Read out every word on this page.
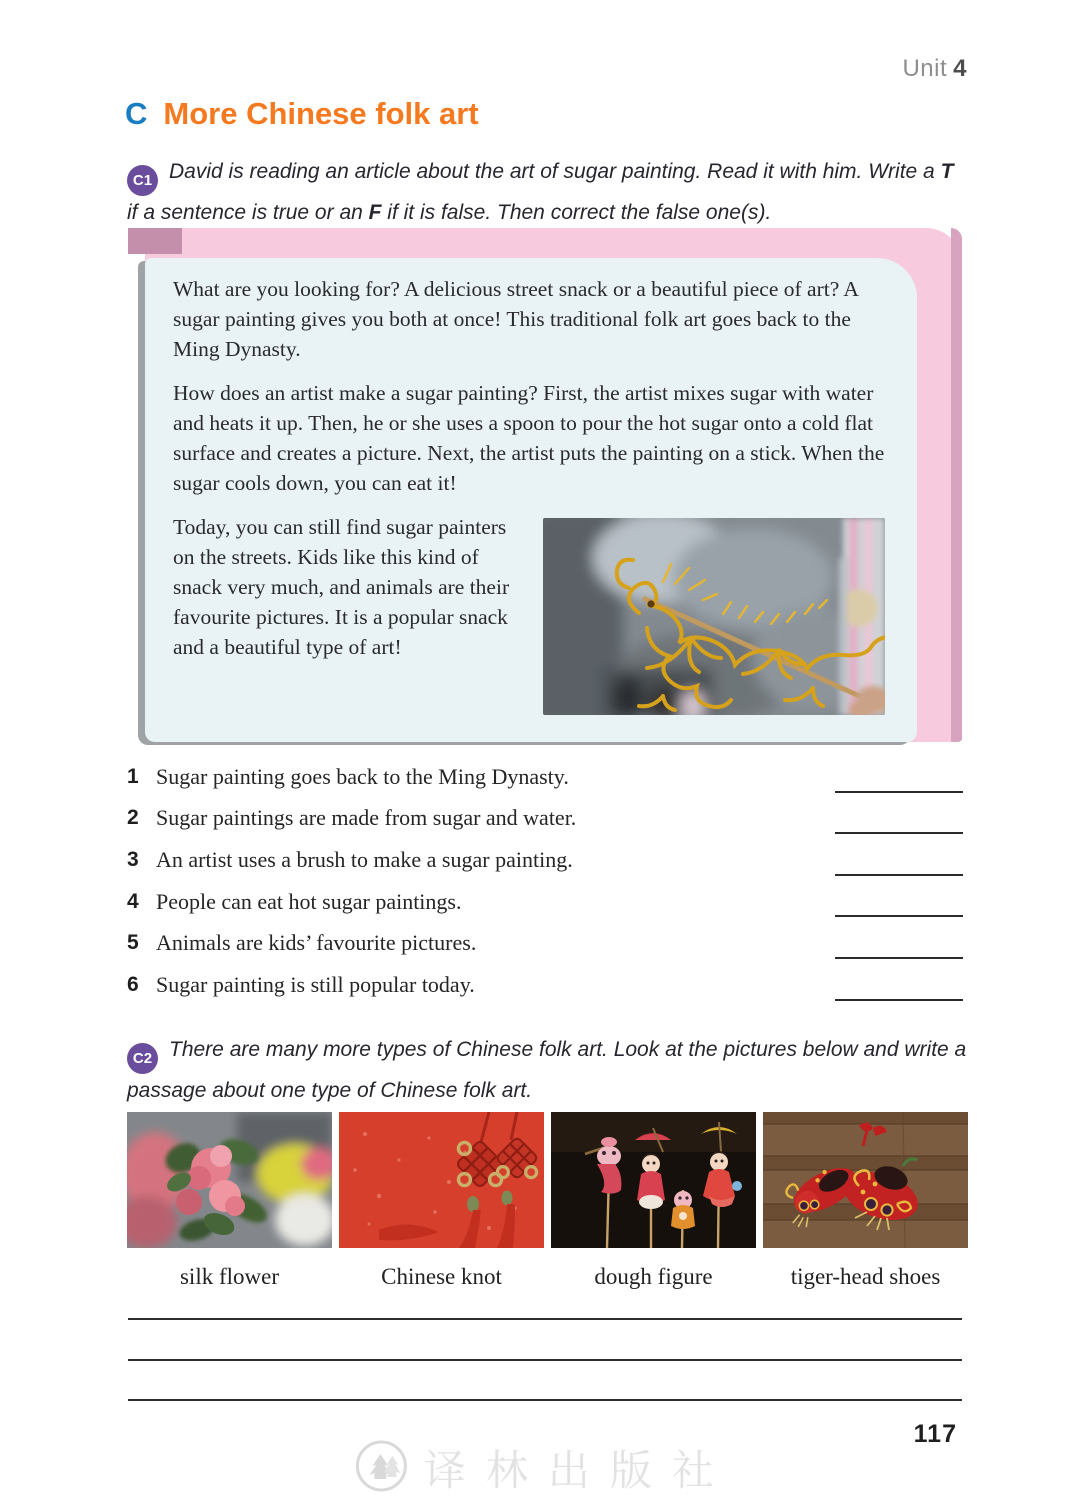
Unit 4
C More Chinese folk art

C1 David is reading an article about the art of sugar painting. Read it with him. Write a T if a sentence is true or an F if it is false. Then correct the false one(s).

What are you looking for? A delicious street snack or a beautiful piece of art? A sugar painting gives you both at once! This traditional folk art goes back to the Ming Dynasty.

How does an artist make a sugar painting? First, the artist mixes sugar with water and heats it up. Then, he or she uses a spoon to pour the hot sugar onto a cold flat surface and creates a picture. Next, the artist puts the painting on a stick. When the sugar cools down, you can eat it!

Today, you can still find sugar painters on the streets. Kids like this kind of snack very much, and animals are their favourite pictures. It is a popular snack and a beautiful type of art!
1 Sugar painting goes back to the Ming Dynasty.
2 Sugar paintings are made from sugar and water.
3 An artist uses a brush to make a sugar painting.
4 People can eat hot sugar paintings.
5 Animals are kids’ favourite pictures.
6 Sugar painting is still popular today.

C2 There are many more types of Chinese folk art. Look at the pictures below and write a passage about one type of Chinese folk art.

silk flower	Chinese knot	dough figure	tiger-head shoes
117
译林出版社
